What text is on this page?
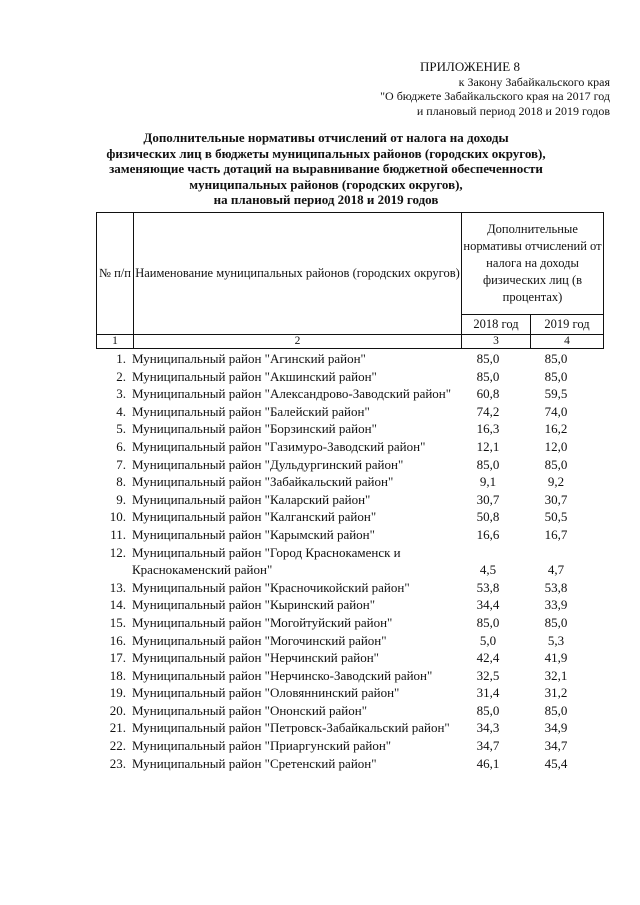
ПРИЛОЖЕНИЕ 8
к Закону Забайкальского края
"О бюджете Забайкальского края на 2017 год
и плановый период 2018 и 2019 годов
Дополнительные нормативы отчислений от налога на доходы
физических лиц в бюджеты муниципальных районов (городских округов),
заменяющие часть дотаций на выравнивание бюджетной обеспеченности
муниципальных районов (городских округов),
на плановый период 2018 и 2019 годов
№ п/п	Наименование муниципальных районов (городских округов)	Дополнительные нормативы отчислений от налога на доходы физических лиц (в процентах)	
		2018 год	2019 год
1	2	3	4
1. Муниципальный район "Агинский район"	85,0	85,0
2. Муниципальный район "Акшинский район"	85,0	85,0
3. Муниципальный район "Александрово-Заводский район"	60,8	59,5
4. Муниципальный район "Балейский район"	74,2	74,0
5. Муниципальный район "Борзинский район"	16,3	16,2
6. Муниципальный район "Газимуро-Заводский район"	12,1	12,0
7. Муниципальный район "Дульдургинский район"	85,0	85,0
8. Муниципальный район "Забайкальский район"	9,1	9,2
9. Муниципальный район "Каларский район"	30,7	30,7
10. Муниципальный район "Калганский район"	50,8	50,5
11. Муниципальный район "Карымский район"	16,6	16,7
12. Муниципальный район "Город Краснокаменск и Краснокаменский район"	4,5	4,7
13. Муниципальный район "Красночикойский район"	53,8	53,8
14. Муниципальный район "Кыринский район"	34,4	33,9
15. Муниципальный район "Могойтуйский район"	85,0	85,0
16. Муниципальный район "Могочинский район"	5,0	5,3
17. Муниципальный район "Нерчинский район"	42,4	41,9
18. Муниципальный район "Нерчинско-Заводский район"	32,5	32,1
19. Муниципальный район "Оловяннинский район"	31,4	31,2
20. Муниципальный район "Ононский район"	85,0	85,0
21. Муниципальный район "Петровск-Забайкальский район"	34,3	34,9
22. Муниципальный район "Приаргунский район"	34,7	34,7
23. Муниципальный район "Сретенский район"	46,1	45,4
